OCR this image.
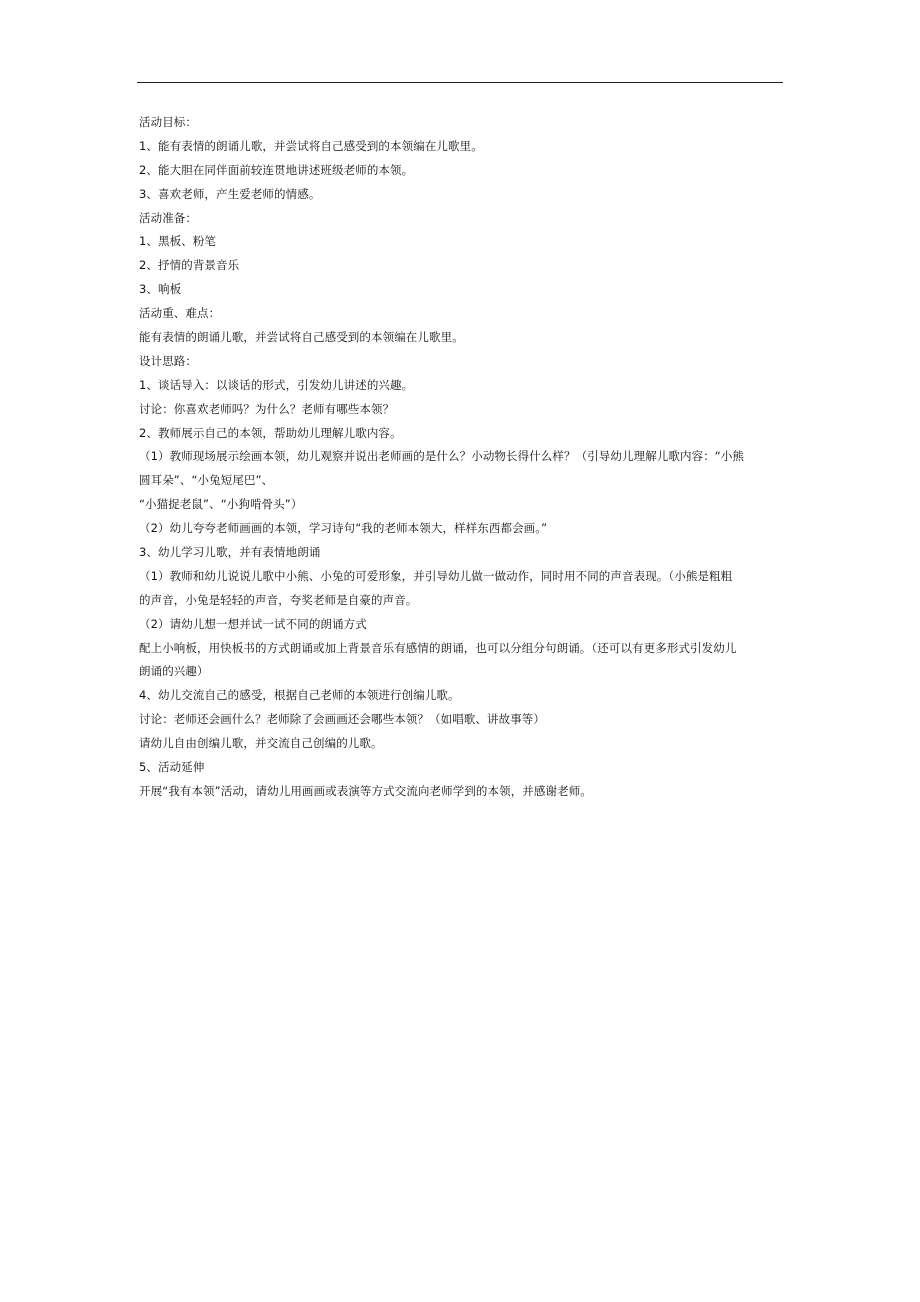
活动目标：
1、能有表情的朗诵儿歌，并尝试将自己感受到的本领编在儿歌里。
2、能大胆在同伴面前较连贯地讲述班级老师的本领。
3、喜欢老师，产生爱老师的情感。
活动准备：
1、黑板、粉笔
2、抒情的背景音乐
3、响板
活动重、难点：
能有表情的朗诵儿歌，并尝试将自己感受到的本领编在儿歌里。
设计思路：
1、谈话导入：以谈话的形式，引发幼儿讲述的兴趣。
讨论：你喜欢老师吗？为什么？老师有哪些本领？
2、教师展示自己的本领，帮助幼儿理解儿歌内容。
（1）教师现场展示绘画本领，幼儿观察并说出老师画的是什么？小动物长得什么样？（引导幼儿理解儿歌内容：“小熊
圆耳朵”、“小兔短尾巴”、
“小猫捉老鼠”、“小狗啃骨头”）
（2）幼儿夸夸老师画画的本领，学习诗句“我的老师本领大，样样东西都会画。”
3、幼儿学习儿歌，并有表情地朗诵
（1）教师和幼儿说说儿歌中小熊、小兔的可爱形象，并引导幼儿做一做动作，同时用不同的声音表现。（小熊是粗粗
的声音，小兔是轻轻的声音，夸奖老师是自豪的声音。
（2）请幼儿想一想并试一试不同的朗诵方式
配上小响板，用快板书的方式朗诵或加上背景音乐有感情的朗诵，也可以分组分句朗诵。（还可以有更多形式引发幼儿
朗诵的兴趣）
4、幼儿交流自己的感受，根据自己老师的本领进行创编儿歌。
讨论：老师还会画什么？老师除了会画画还会哪些本领？（如唱歌、讲故事等）
请幼儿自由创编儿歌，并交流自己创编的儿歌。
5、活动延伸
开展“我有本领”活动，请幼儿用画画或表演等方式交流向老师学到的本领，并感谢老师。
